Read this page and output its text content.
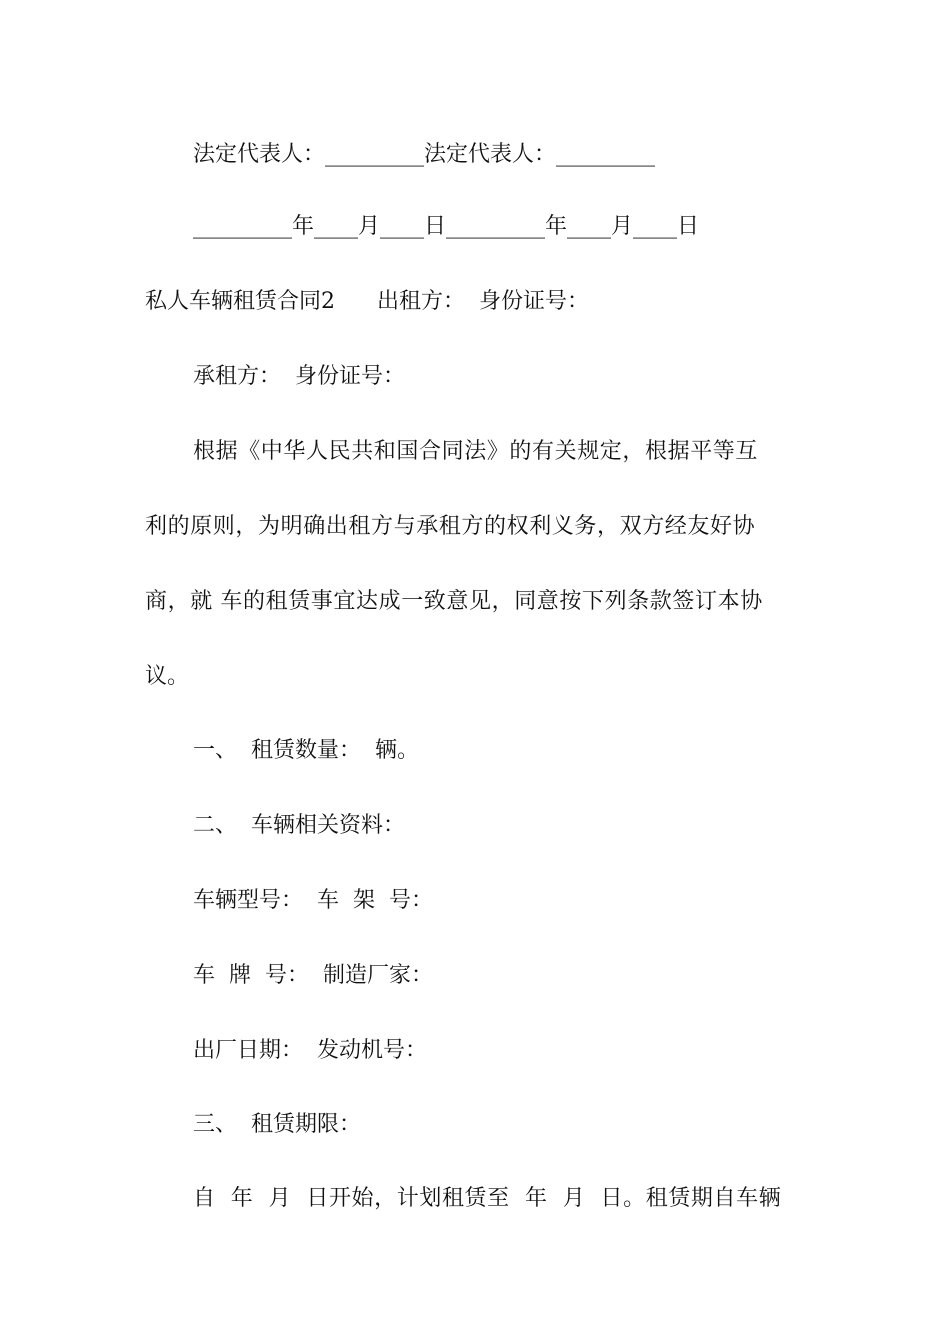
法定代表人：_________法定代表人：_________
_________年____月____日_________年____月____日
私人车辆租赁合同2      出租方：  身份证号：
承租方：  身份证号：
根据《中华人民共和国合同法》的有关规定，根据平等互
利的原则，为明确出租方与承租方的权利义务，双方经友好协
商，就 车的租赁事宜达成一致意见，同意按下列条款签订本协
议。
一、  租赁数量：  辆。
二、  车辆相关资料：
车辆型号：  车  架  号：
车  牌  号：  制造厂家：
出厂日期：  发动机号：
三、  租赁期限：
自  年  月  日开始，计划租赁至  年  月  日。租赁期自车辆
